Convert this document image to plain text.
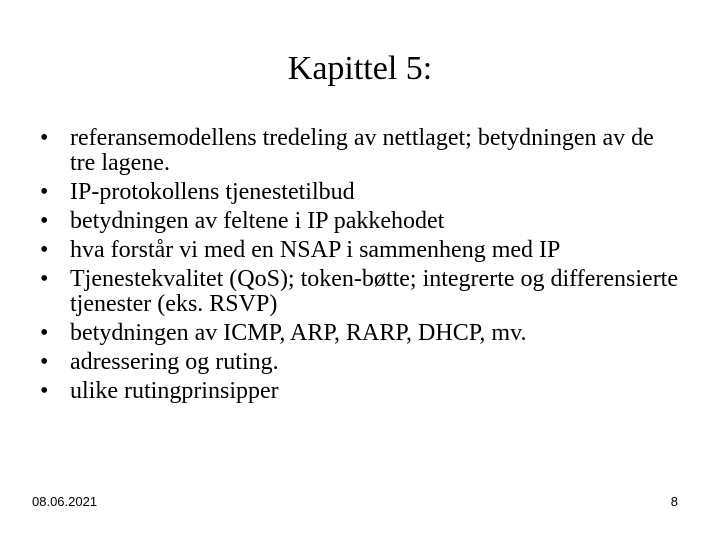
Kapittel 5:
• referansemodellens tredeling av nettlaget; betydningen av de tre lagene.
• IP-protokollens tjenestetilbud
• betydningen av feltene i IP pakkehodet
• hva forstår vi med en NSAP i sammenheng med IP
• Tjenestekvalitet (QoS); token-bøtte; integrerte og differensierte tjenester (eks. RSVP)
• betydningen av ICMP, ARP, RARP, DHCP, mv.
• adressering og ruting.
• ulike rutingprinsipper
08.06.2021	8
